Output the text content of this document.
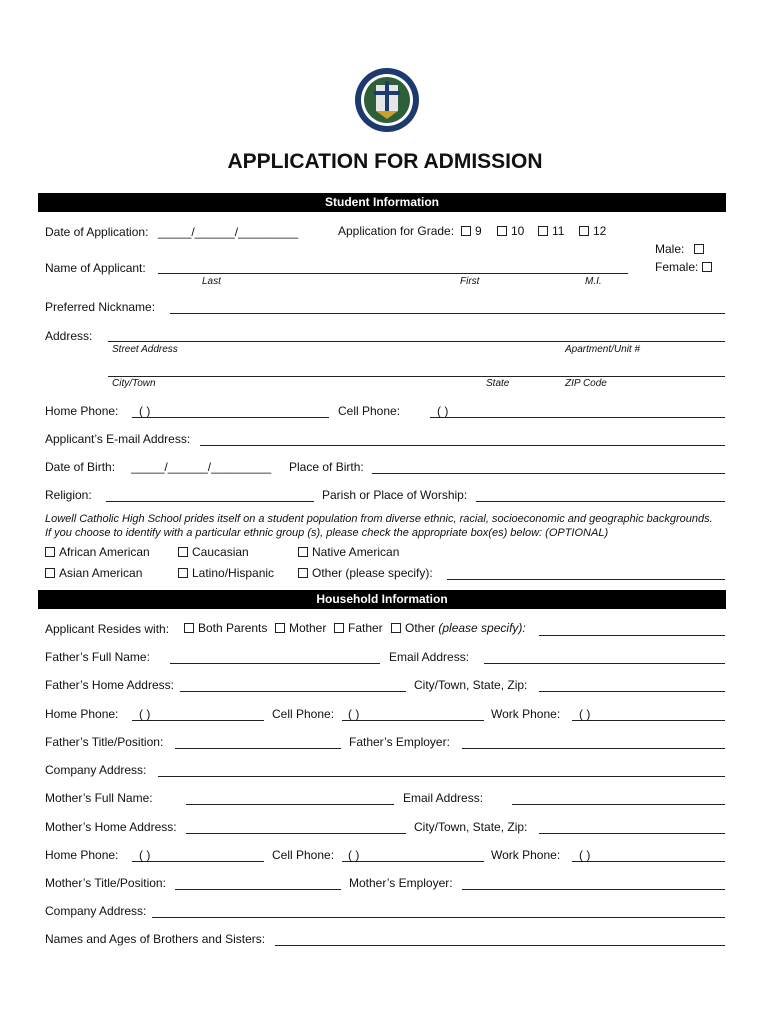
APPLICATION FOR ADMISSION
Student Information
Date of Application: _____/______/_________	Application for Grade:	9	10	11	12
Male:
Female:
Name of Applicant:
Last	First	M.I.
Preferred Nickname:
Address:
Street Address	Apartment/Unit #
City/Town	State	ZIP Code
Home Phone: ( )	Cell Phone:	( )
Applicant’s E-mail Address:
Date of Birth: _____/______/_________ Place of Birth:
Religion:	Parish or Place of Worship:
Lowell Catholic High School prides itself on a student population from diverse ethnic, racial, socioeconomic and geographic backgrounds. If you choose to identify with a particular ethnic group (s), please check the appropriate box(es) below: (OPTIONAL)
African American	Caucasian	Native American
Asian American	Latino/Hispanic	Other (please specify):
Household Information
Applicant Resides with:	Both Parents	Mother	Father	Other (please specify):
Father’s Full Name:	Email Address:
Father’s Home Address:	City/Town, State, Zip:
Home Phone: ( )	Cell Phone: ( )	Work Phone: ( )
Father’s Title/Position:	Father’s Employer:
Company Address:
Mother’s Full Name:	Email Address:
Mother’s Home Address:	City/Town, State, Zip:
Home Phone: ( )	Cell Phone: ( )	Work Phone: ( )
Mother’s Title/Position:	Mother’s Employer:
Company Address:
Names and Ages of Brothers and Sisters:
